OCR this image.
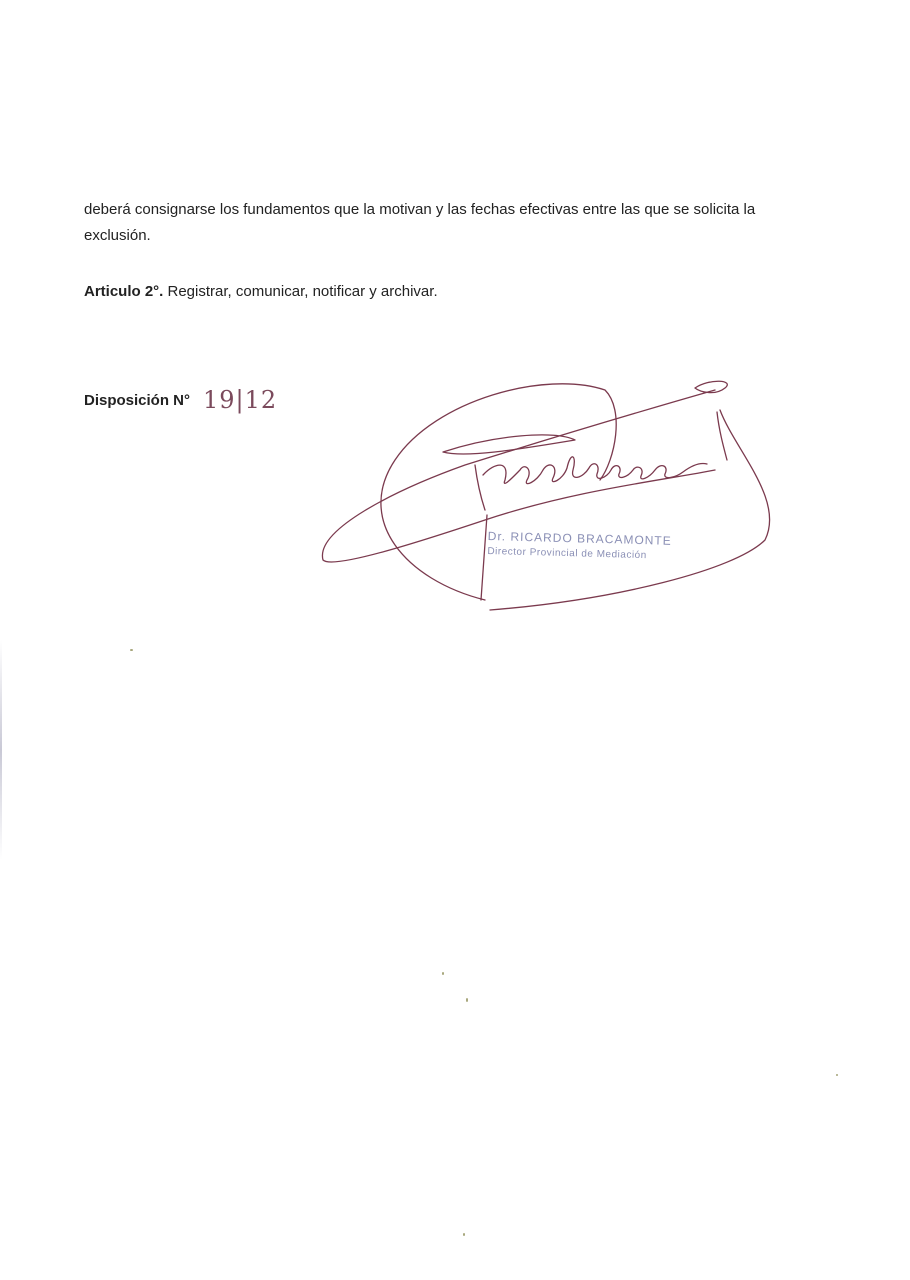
deberá consignarse los fundamentos que la motivan y las fechas efectivas entre las que se solicita la exclusión.

Articulo 2°. Registrar, comunicar, notificar y archivar.

Disposición N° 19|12
Dr. RICARDO BRACAMONTE
Director Provincial de Mediación
